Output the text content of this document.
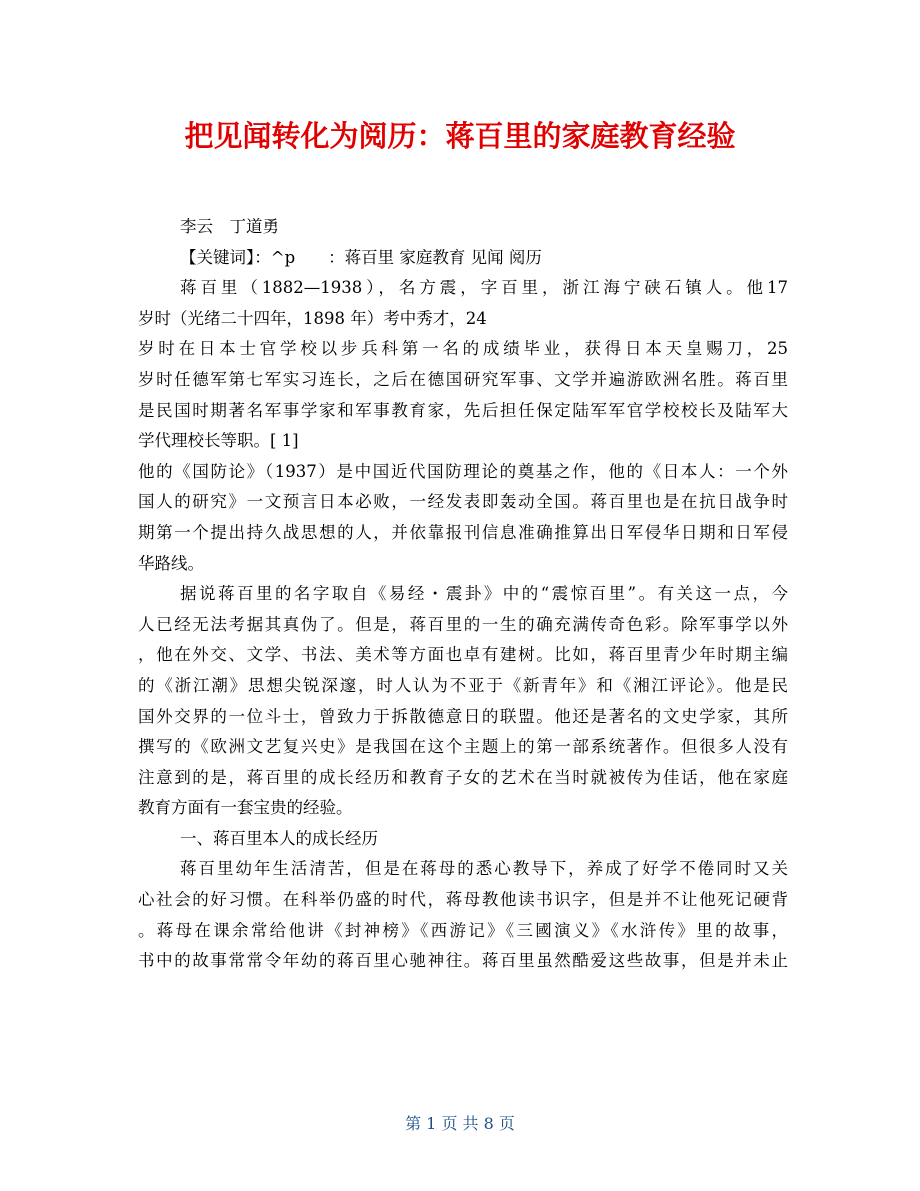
把见闻转化为阅历：蒋百里的家庭教育经验
李云　丁道勇
【关键词】：^p　　：蒋百里 家庭教育 见闻 阅历
蒋百里（1882—1938），名方震，字百里，浙江海宁硖石镇人。他17
岁时（光绪二十四年，1898 年）考中秀才，24
岁时在日本士官学校以步兵科第一名的成绩毕业，获得日本天皇赐刀，25
岁时任德军第七军实习连长，之后在德国研究军事、文学并遍游欧洲名胜。蒋百里
是民国时期著名军事学家和军事教育家，先后担任保定陆军军官学校校长及陆军大
学代理校长等职。[ 1]
他的《国防论》（1937）是中国近代国防理论的奠基之作，他的《日本人：一个外
国人的研究》一文预言日本必败，一经发表即轰动全国。蒋百里也是在抗日战争时
期第一个提出持久战思想的人，并依靠报刊信息准确推算出日军侵华日期和日军侵
华路线。
据说蒋百里的名字取自《易经・震卦》中的“震惊百里”。有关这一点，今
人已经无法考据其真伪了。但是，蒋百里的一生的确充满传奇色彩。除军事学以外
，他在外交、文学、书法、美术等方面也卓有建树。比如，蒋百里青少年时期主编
的《浙江潮》思想尖锐深邃，时人认为不亚于《新青年》和《湘江评论》。他是民
国外交界的一位斗士，曾致力于拆散德意日的联盟。他还是著名的文史学家，其所
撰写的《欧洲文艺复兴史》是我国在这个主题上的第一部系统著作。但很多人没有
注意到的是，蒋百里的成长经历和教育子女的艺术在当时就被传为佳话，他在家庭
教育方面有一套宝贵的经验。
一、蒋百里本人的成长经历
蒋百里幼年生活清苦，但是在蒋母的悉心教导下，养成了好学不倦同时又关
心社会的好习惯。在科举仍盛的时代，蒋母教他读书识字，但是并不让他死记硬背
。蒋母在课余常给他讲《封神榜》《西游记》《三國演义》《水浒传》里的故事，
书中的故事常常令年幼的蒋百里心驰神往。蒋百里虽然酷爱这些故事，但是并未止
第 1 页 共 8 页
